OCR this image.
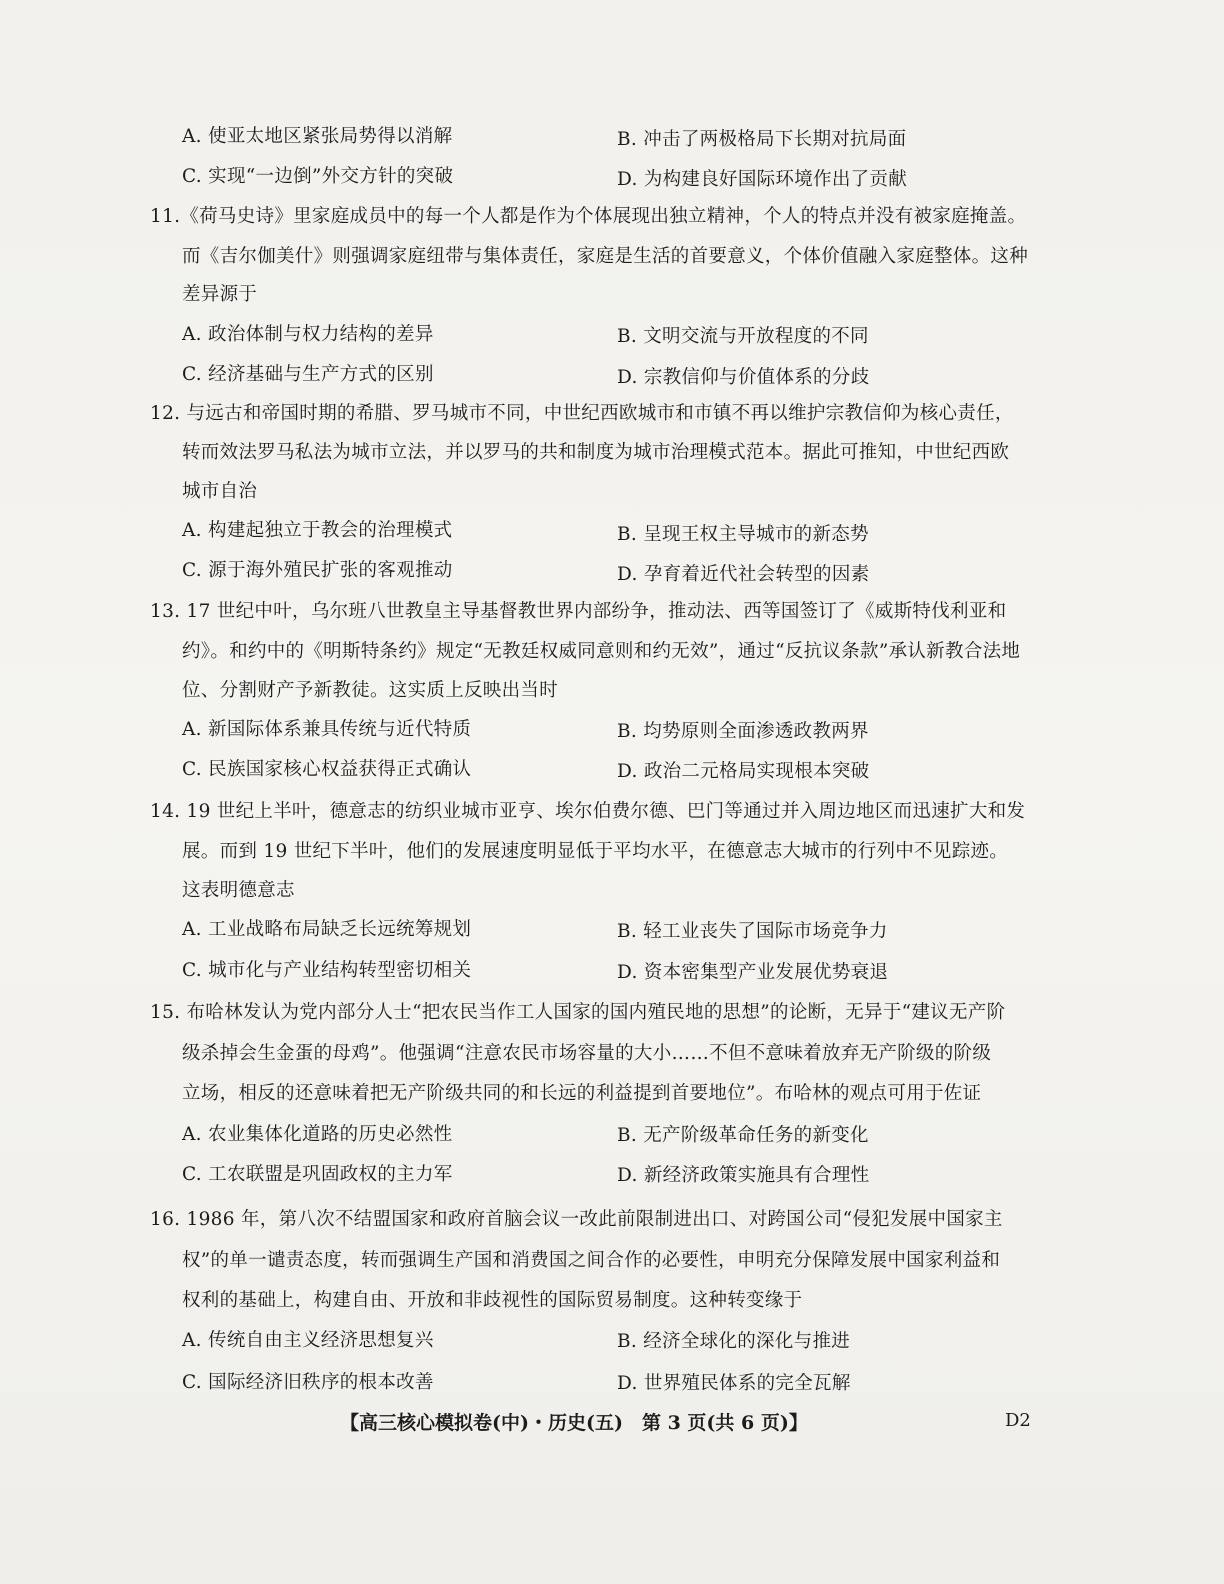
A. 使亚太地区紧张局势得以消解	B. 冲击了两极格局下长期对抗局面
C. 实现“一边倒”外交方针的突破	D. 为构建良好国际环境作出了贡献
11.《荷马史诗》里家庭成员中的每一个人都是作为个体展现出独立精神，个人的特点并没有被家庭掩盖。
而《吉尔伽美什》则强调家庭纽带与集体责任，家庭是生活的首要意义，个体价值融入家庭整体。这种
差异源于
A. 政治体制与权力结构的差异	B. 文明交流与开放程度的不同
C. 经济基础与生产方式的区别	D. 宗教信仰与价值体系的分歧
12. 与远古和帝国时期的希腊、罗马城市不同，中世纪西欧城市和市镇不再以维护宗教信仰为核心责任，
转而效法罗马私法为城市立法，并以罗马的共和制度为城市治理模式范本。据此可推知，中世纪西欧
城市自治
A. 构建起独立于教会的治理模式	B. 呈现王权主导城市的新态势
C. 源于海外殖民扩张的客观推动	D. 孕育着近代社会转型的因素
13. 17 世纪中叶，乌尔班八世教皇主导基督教世界内部纷争，推动法、西等国签订了《威斯特伐利亚和
约》。和约中的《明斯特条约》规定“无教廷权威同意则和约无效”，通过“反抗议条款”承认新教合法地
位、分割财产予新教徒。这实质上反映出当时
A. 新国际体系兼具传统与近代特质	B. 均势原则全面渗透政教两界
C. 民族国家核心权益获得正式确认	D. 政治二元格局实现根本突破
14. 19 世纪上半叶，德意志的纺织业城市亚亨、埃尔伯费尔德、巴门等通过并入周边地区而迅速扩大和发
展。而到 19 世纪下半叶，他们的发展速度明显低于平均水平，在德意志大城市的行列中不见踪迹。
这表明德意志
A. 工业战略布局缺乏长远统筹规划	B. 轻工业丧失了国际市场竞争力
C. 城市化与产业结构转型密切相关	D. 资本密集型产业发展优势衰退
15. 布哈林发认为党内部分人士“把农民当作工人国家的国内殖民地的思想”的论断，无异于“建议无产阶
级杀掉会生金蛋的母鸡”。他强调“注意农民市场容量的大小……不但不意味着放弃无产阶级的阶级
立场，相反的还意味着把无产阶级共同的和长远的利益提到首要地位”。布哈林的观点可用于佐证
A. 农业集体化道路的历史必然性	B. 无产阶级革命任务的新变化
C. 工农联盟是巩固政权的主力军	D. 新经济政策实施具有合理性
16. 1986 年，第八次不结盟国家和政府首脑会议一改此前限制进出口、对跨国公司“侵犯发展中国家主
权”的单一谴责态度，转而强调生产国和消费国之间合作的必要性，申明充分保障发展中国家利益和
权利的基础上，构建自由、开放和非歧视性的国际贸易制度。这种转变缘于
A. 传统自由主义经济思想复兴	B. 经济全球化的深化与推进
C. 国际经济旧秩序的根本改善	D. 世界殖民体系的完全瓦解
【高三核心模拟卷(中)・历史(五)　第 3 页(共 6 页)】	D2
